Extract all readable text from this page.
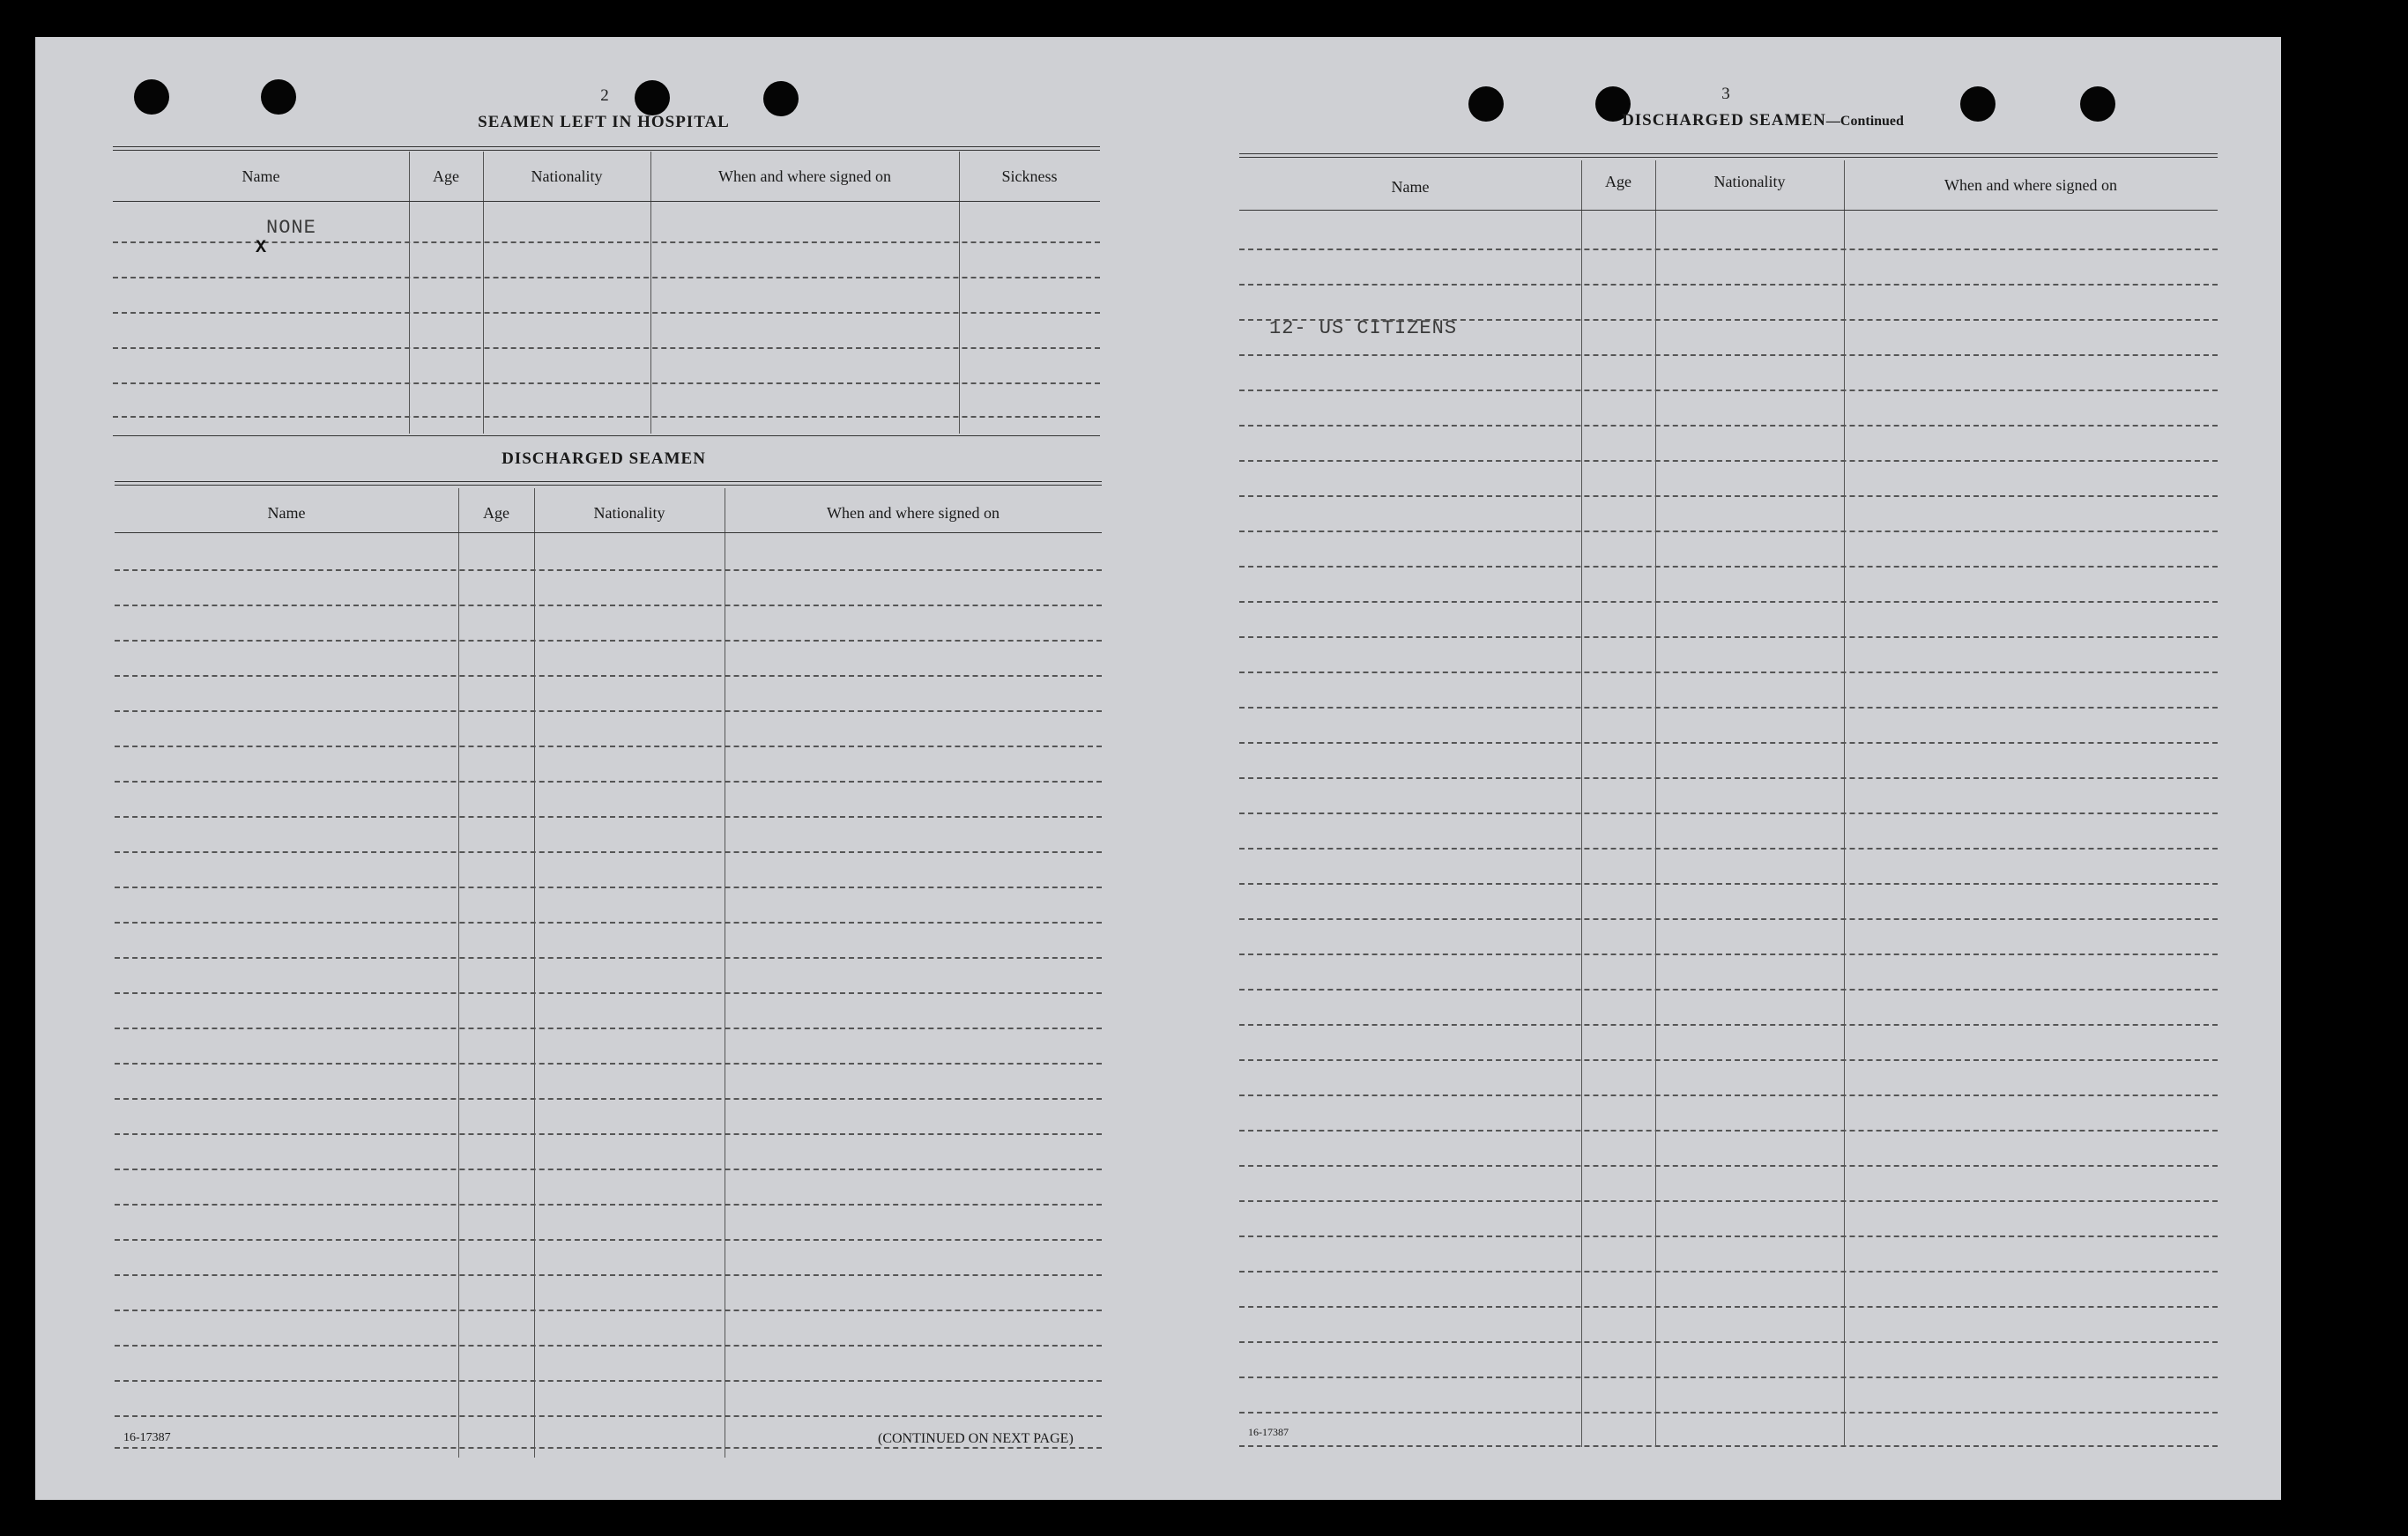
2
SEAMEN LEFT IN HOSPITAL
Name	Age	Nationality	When and where signed on	Sickness
NONE
X
DISCHARGED SEAMEN
Name	Age	Nationality	When and where signed on
16-17387	(CONTINUED ON NEXT PAGE)
3
DISCHARGED SEAMEN—Continued
Name	Age	Nationality	When and where signed on
12- US CITIZENS
16-17387
